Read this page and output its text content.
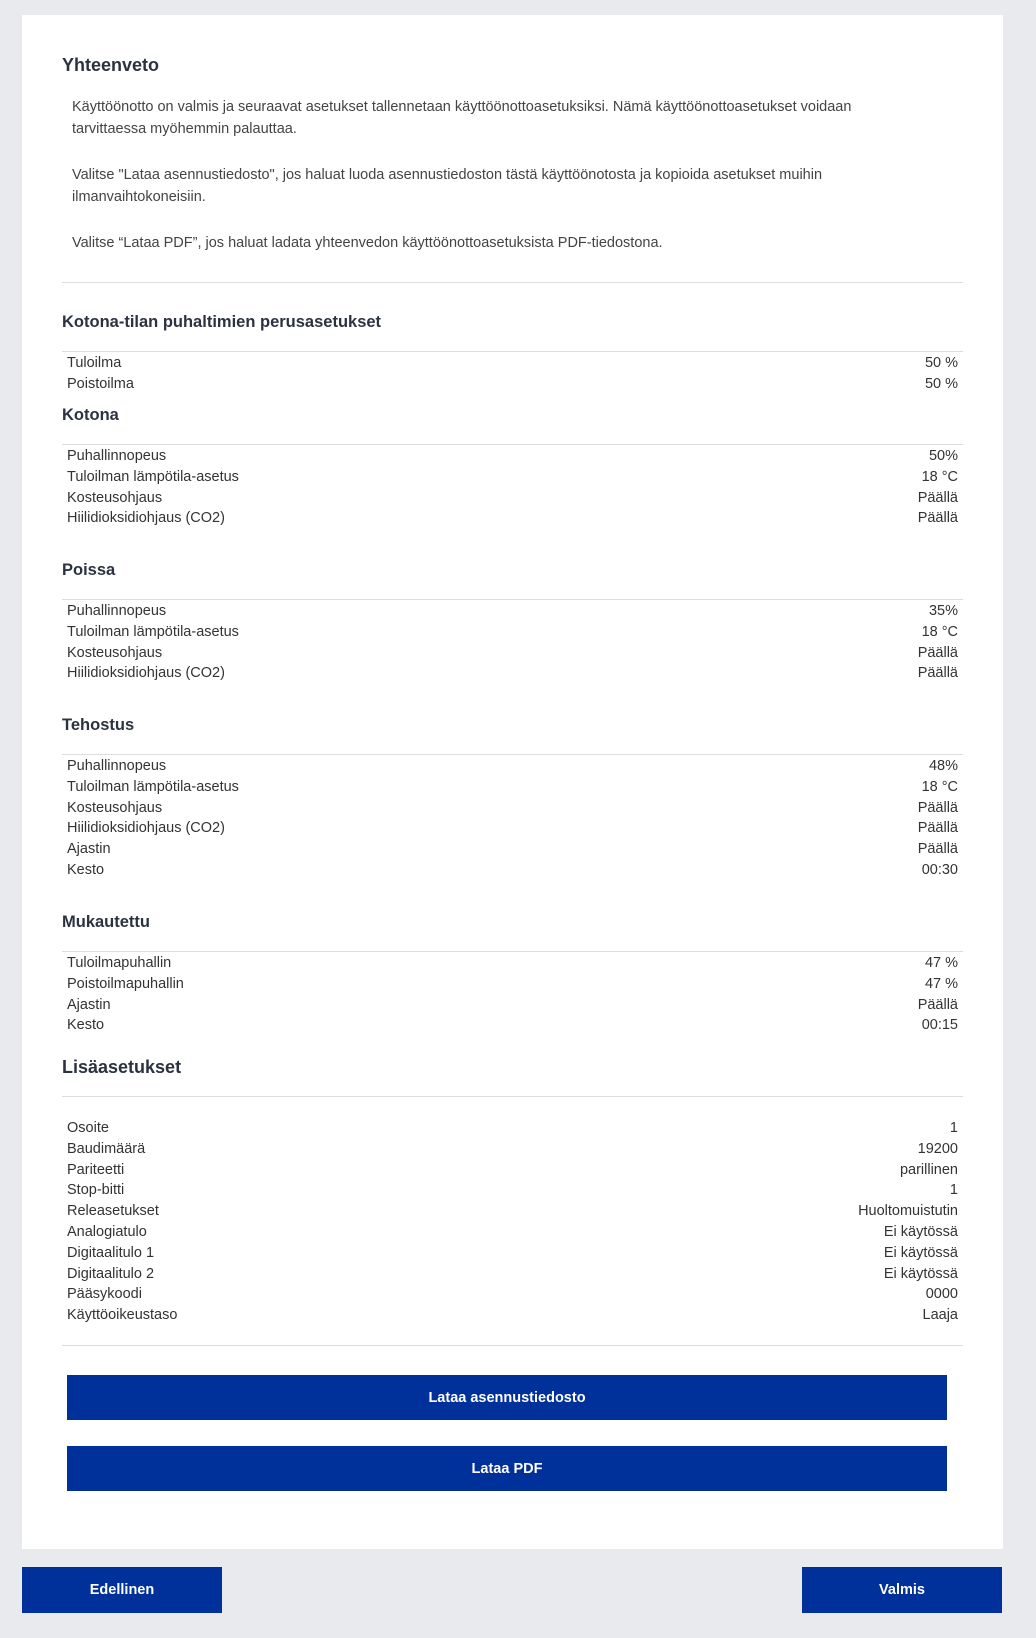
Yhteenveto

Käyttöönotto on valmis ja seuraavat asetukset tallennetaan käyttöönottoasetuksiksi. Nämä käyttöönottoasetukset voidaan tarvittaessa myöhemmin palauttaa.

Valitse "Lataa asennustiedosto", jos haluat luoda asennustiedoston tästä käyttöönotosta ja kopioida asetukset muihin ilmanvaihtokoneisiin.

Valitse “Lataa PDF”, jos haluat ladata yhteenvedon käyttöönottoasetuksista PDF-tiedostona.

Kotona-tilan puhaltimien perusasetukset
Tuloilma	50 %
Poistoilma	50 %
Kotona
Puhallinnopeus	50%
Tuloilman lämpötila-asetus	18 °C
Kosteusohjaus	Päällä
Hiilidioksidiohjaus (CO2)	Päällä
Poissa
Puhallinnopeus	35%
Tuloilman lämpötila-asetus	18 °C
Kosteusohjaus	Päällä
Hiilidioksidiohjaus (CO2)	Päällä
Tehostus
Puhallinnopeus	48%
Tuloilman lämpötila-asetus	18 °C
Kosteusohjaus	Päällä
Hiilidioksidiohjaus (CO2)	Päällä
Ajastin	Päällä
Kesto	00:30
Mukautettu
Tuloilmapuhallin	47 %
Poistoilmapuhallin	47 %
Ajastin	Päällä
Kesto	00:15
Lisäasetukset
Osoite	1
Baudimäärä	19200
Pariteetti	parillinen
Stop-bitti	1
Releasetukset	Huoltomuistutin
Analogiatulo	Ei käytössä
Digitaalitulo 1	Ei käytössä
Digitaalitulo 2	Ei käytössä
Pääsykoodi	0000
Käyttöoikeustaso	Laaja
Lataa asennustiedosto
Lataa PDF
Edellinen	Valmis
